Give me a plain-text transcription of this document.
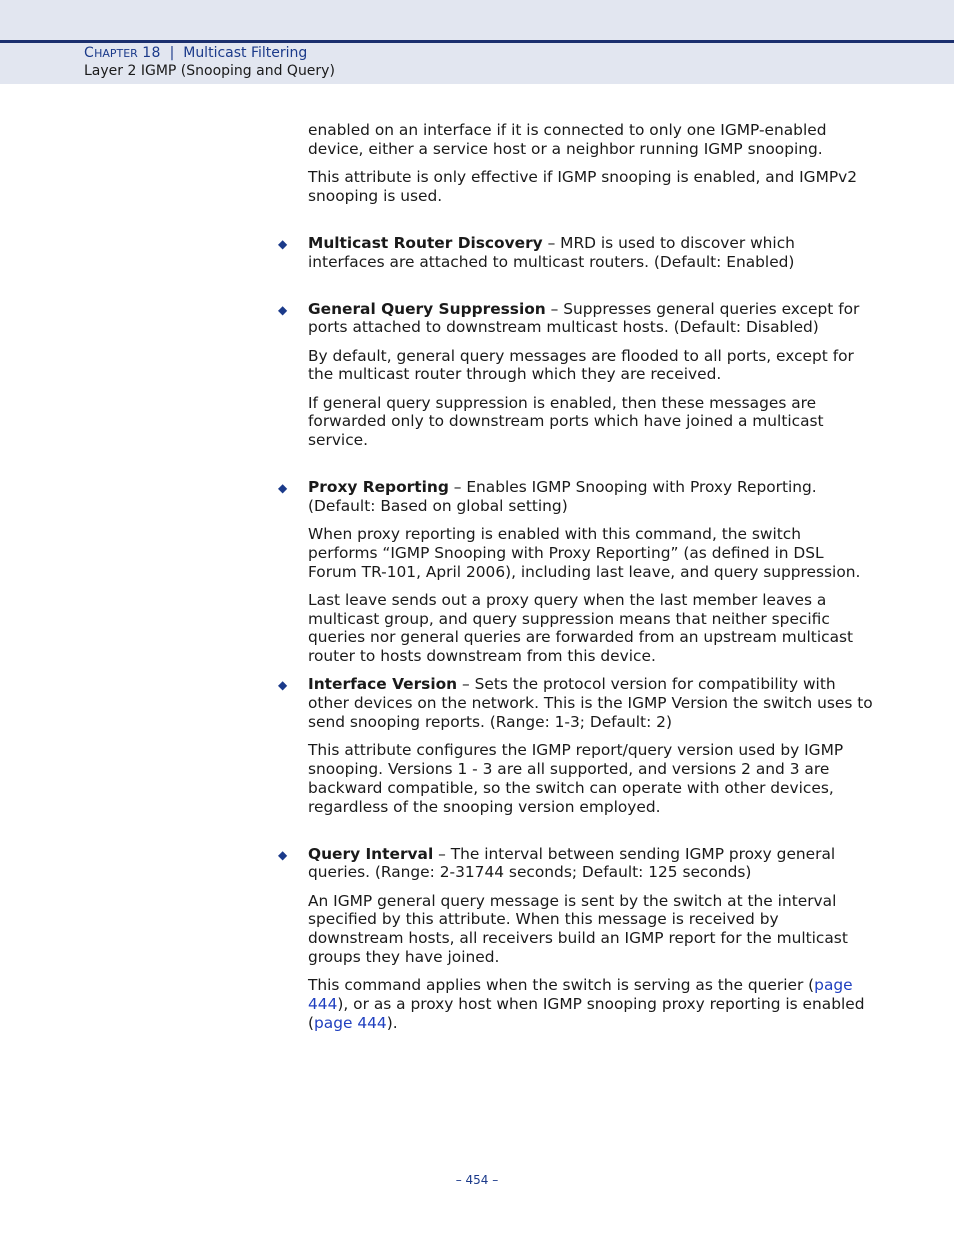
CHAPTER 18 | Multicast Filtering
Layer 2 IGMP (Snooping and Query)

enabled on an interface if it is connected to only one IGMP-enabled device, either a service host or a neighbor running IGMP snooping.

This attribute is only effective if IGMP snooping is enabled, and IGMPv2 snooping is used.

◆ Multicast Router Discovery – MRD is used to discover which interfaces are attached to multicast routers. (Default: Enabled)

◆ General Query Suppression – Suppresses general queries except for ports attached to downstream multicast hosts. (Default: Disabled)

By default, general query messages are flooded to all ports, except for the multicast router through which they are received.

If general query suppression is enabled, then these messages are forwarded only to downstream ports which have joined a multicast service.

◆ Proxy Reporting – Enables IGMP Snooping with Proxy Reporting. (Default: Based on global setting)

When proxy reporting is enabled with this command, the switch performs “IGMP Snooping with Proxy Reporting” (as defined in DSL Forum TR-101, April 2006), including last leave, and query suppression.

Last leave sends out a proxy query when the last member leaves a multicast group, and query suppression means that neither specific queries nor general queries are forwarded from an upstream multicast router to hosts downstream from this device.

◆ Interface Version – Sets the protocol version for compatibility with other devices on the network. This is the IGMP Version the switch uses to send snooping reports. (Range: 1-3; Default: 2)

This attribute configures the IGMP report/query version used by IGMP snooping. Versions 1 - 3 are all supported, and versions 2 and 3 are backward compatible, so the switch can operate with other devices, regardless of the snooping version employed.

◆ Query Interval – The interval between sending IGMP proxy general queries. (Range: 2-31744 seconds; Default: 125 seconds)

An IGMP general query message is sent by the switch at the interval specified by this attribute. When this message is received by downstream hosts, all receivers build an IGMP report for the multicast groups they have joined.

This command applies when the switch is serving as the querier (page 444), or as a proxy host when IGMP snooping proxy reporting is enabled (page 444).

– 454 –
